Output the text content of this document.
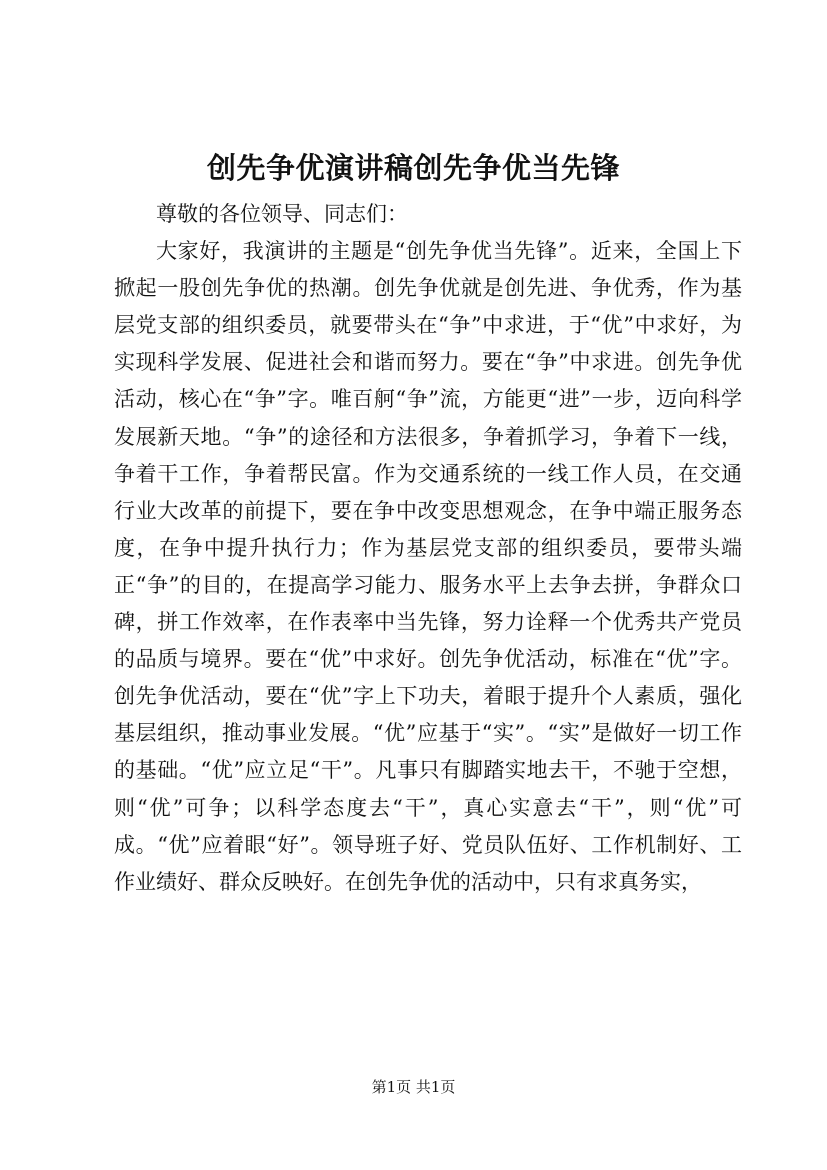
创先争优演讲稿创先争优当先锋

尊敬的各位领导、同志们：

大家好，我演讲的主题是“创先争优当先锋”。近来，全国上下掀起一股创先争优的热潮。创先争优就是创先进、争优秀，作为基层党支部的组织委员，就要带头在“争”中求进，于“优”中求好，为实现科学发展、促进社会和谐而努力。要在“争”中求进。创先争优活动，核心在“争”字。唯百舸“争”流，方能更“进”一步，迈向科学发展新天地。“争”的途径和方法很多，争着抓学习，争着下一线，争着干工作，争着帮民富。作为交通系统的一线工作人员，在交通行业大改革的前提下，要在争中改变思想观念，在争中端正服务态度，在争中提升执行力；作为基层党支部的组织委员，要带头端正“争”的目的，在提高学习能力、服务水平上去争去拼，争群众口碑，拼工作效率，在作表率中当先锋，努力诠释一个优秀共产党员的品质与境界。要在“优”中求好。创先争优活动，标准在“优”字。创先争优活动，要在“优”字上下功夫，着眼于提升个人素质，强化基层组织，推动事业发展。“优”应基于“实”。“实”是做好一切工作的基础。“优”应立足“干”。凡事只有脚踏实地去干，不驰于空想，则“优”可争；以科学态度去“干”，真心实意去“干”，则“优”可成。“优”应着眼“好”。领导班子好、党员队伍好、工作机制好、工作业绩好、群众反映好。在创先争优的活动中，只有求真务实，

第1页 共1页
